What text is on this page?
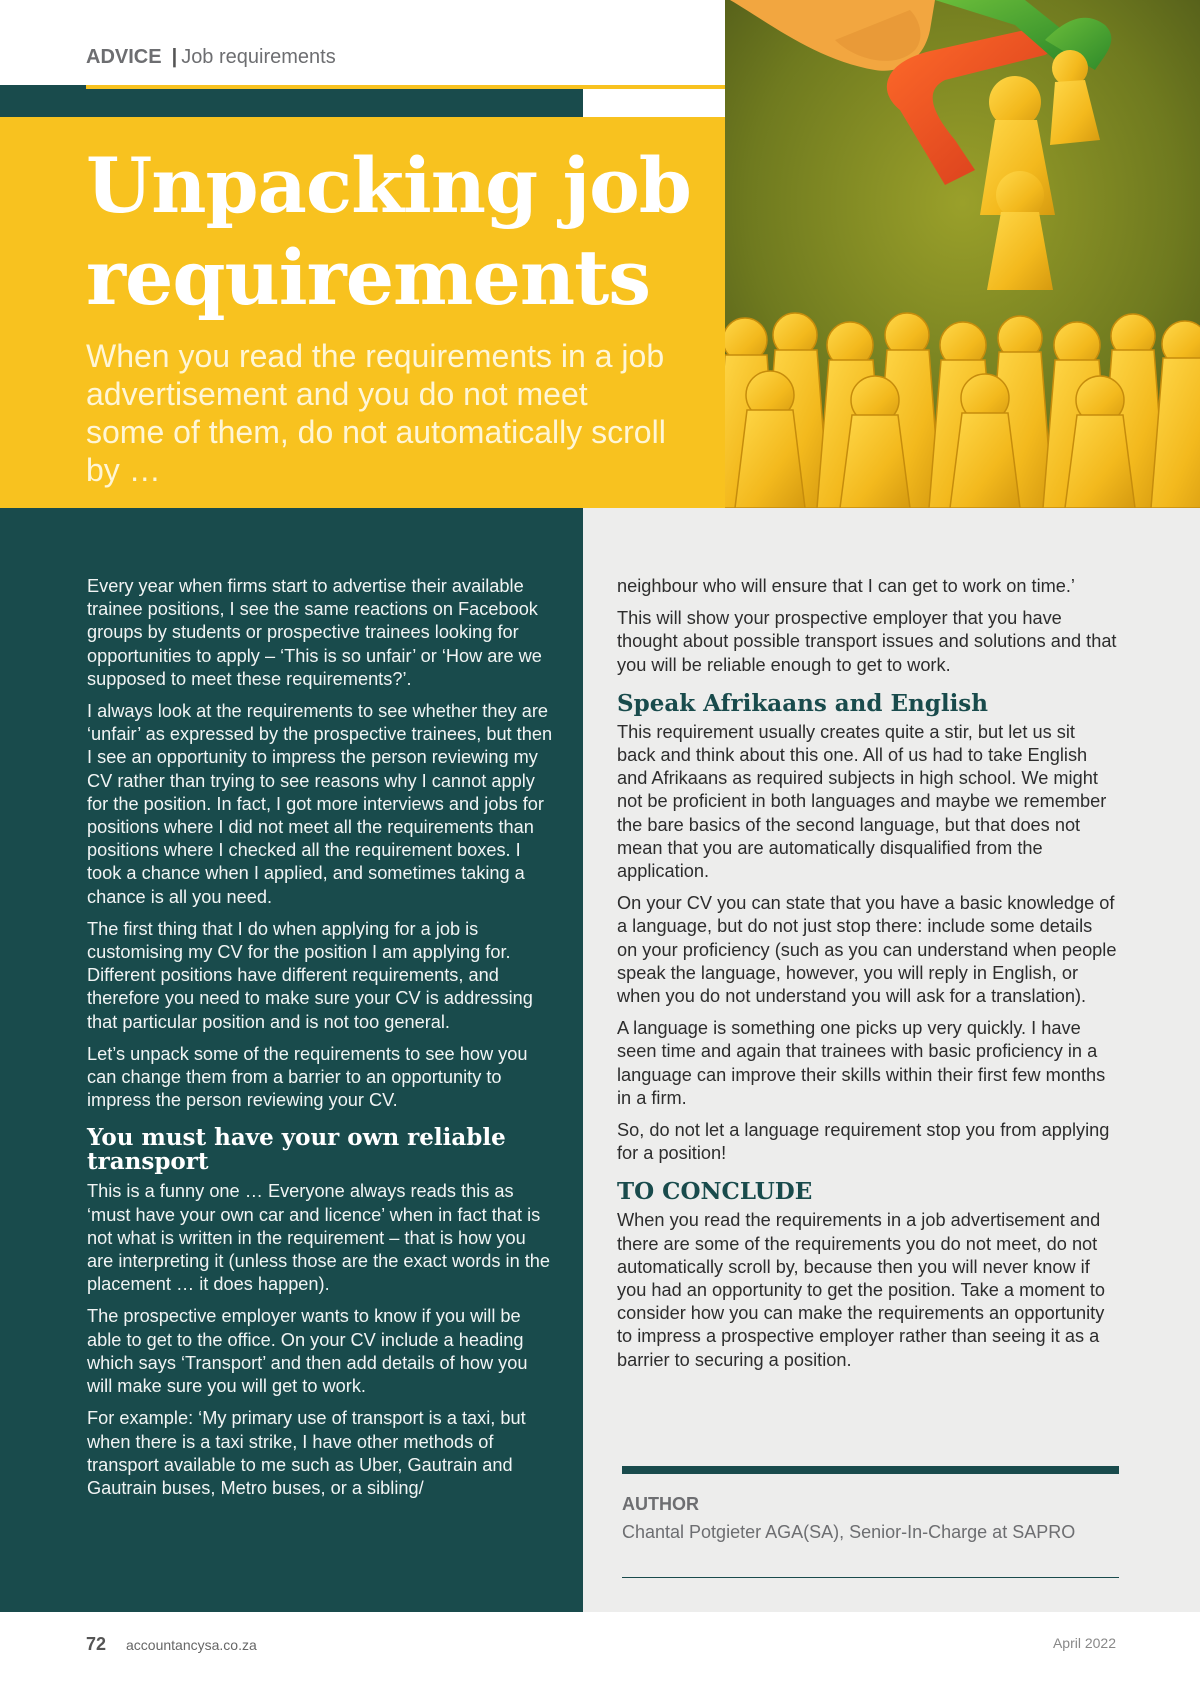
ADVICE | Job requirements
Unpacking job
requirements

When you read the requirements in a job advertisement and you do not meet some of them, do not automatically scroll by …

Every year when firms start to advertise their available trainee positions, I see the same reactions on Facebook groups by students or prospective trainees looking for opportunities to apply – ‘This is so unfair’ or ‘How are we supposed to meet these requirements?’.

I always look at the requirements to see whether they are ‘unfair’ as expressed by the prospective trainees, but then I see an opportunity to impress the person reviewing my CV rather than trying to see reasons why I cannot apply for the position. In fact, I got more interviews and jobs for positions where I did not meet all the requirements than positions where I checked all the requirement boxes. I took a chance when I applied, and sometimes taking a chance is all you need.

The first thing that I do when applying for a job is customising my CV for the position I am applying for. Different positions have different requirements, and therefore you need to make sure your CV is addressing that particular position and is not too general.

Let’s unpack some of the requirements to see how you can change them from a barrier to an opportunity to impress the person reviewing your CV.

You must have your own reliable transport

This is a funny one … Everyone always reads this as ‘must have your own car and licence’ when in fact that is not what is written in the requirement – that is how you are interpreting it (unless those are the exact words in the placement … it does happen).

The prospective employer wants to know if you will be able to get to the office. On your CV include a heading which says ‘Transport’ and then add details of how you will make sure you will get to work.

For example: ‘My primary use of transport is a taxi, but when there is a taxi strike, I have other methods of transport available to me such as Uber, Gautrain and Gautrain buses, Metro buses, or a sibling/

neighbour who will ensure that I can get to work on time.’

This will show your prospective employer that you have thought about possible transport issues and solutions and that you will be reliable enough to get to work.

Speak Afrikaans and English

This requirement usually creates quite a stir, but let us sit back and think about this one. All of us had to take English and Afrikaans as required subjects in high school. We might not be proficient in both languages and maybe we remember the bare basics of the second language, but that does not mean that you are automatically disqualified from the application.

On your CV you can state that you have a basic knowledge of a language, but do not just stop there: include some details on your proficiency (such as you can understand when people speak the language, however, you will reply in English, or when you do not understand you will ask for a translation).

A language is something one picks up very quickly. I have seen time and again that trainees with basic proficiency in a language can improve their skills within their first few months in a firm.

So, do not let a language requirement stop you from applying for a position!

TO CONCLUDE

When you read the requirements in a job advertisement and there are some of the requirements you do not meet, do not automatically scroll by, because then you will never know if you had an opportunity to get the position. Take a moment to consider how you can make the requirements an opportunity to impress a prospective employer rather than seeing it as a barrier to securing a position.

AUTHOR
Chantal Potgieter AGA(SA), Senior-In-Charge at SAPRO
72 accountancysa.co.za	April 2022
